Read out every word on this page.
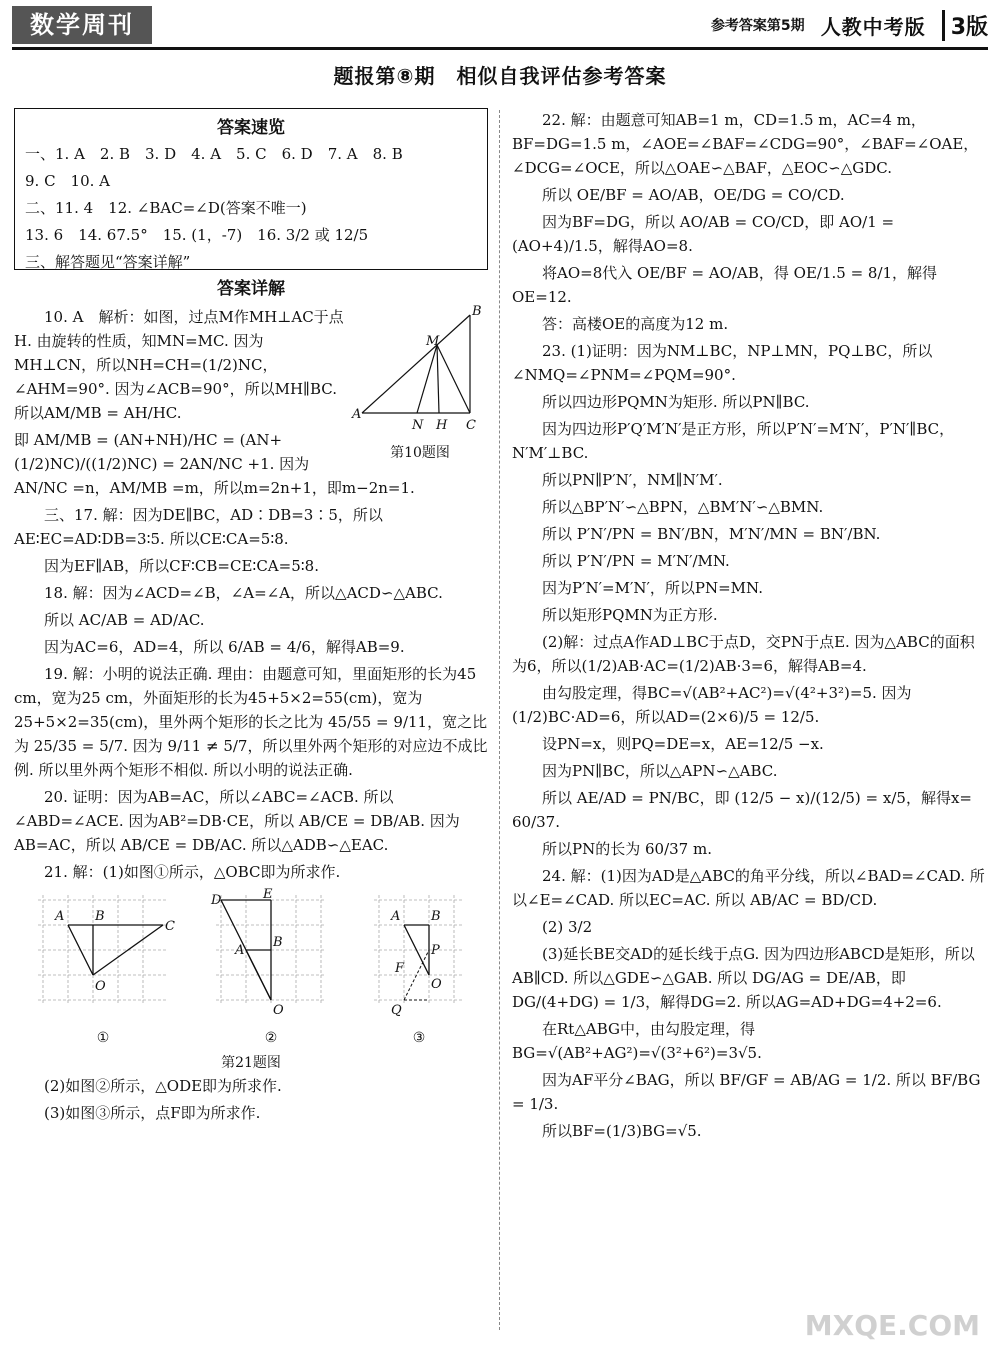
数学周刊	参考答案第5期 人教中考版	3版
题报第⑧期　相似自我评估参考答案
答案速览

一、1. A　2. B　3. D　4. A　5. C　6. D　7. A　8. B

9. C　10. A

二、11. 4　12. ∠BAC=∠D(答案不唯一)

13. 6　14. 67.5°　15. (1，-7)　16. 3/2 或 12/5

三、解答题见“答案详解”

答案详解
A
B
C
M
N H
第10题图

10. A　解析：如图，过点M作MH⊥AC于点H. 由旋转的性质，知MN=MC. 因为MH⊥CN，所以NH=CH=(1/2)NC，∠AHM=90°. 因为∠ACB=90°，所以MH∥BC. 所以AM/MB = AH/HC.

即 AM/MB = (AN+NH)/HC = (AN+(1/2)NC)/((1/2)NC) = 2AN/NC +1. 因为 AN/NC =n，AM/MB =m，所以m=2n+1，即m−2n=1.

三、17. 解：因为DE∥BC，AD∶DB=3∶5，所以AE∶EC=AD∶DB=3∶5. 所以CE∶CA=5∶8.

因为EF∥AB，所以CF∶CB=CE∶CA=5∶8.

18. 解：因为∠ACD=∠B，∠A=∠A，所以△ACD∽△ABC.

所以 AC/AB = AD/AC.

因为AC=6，AD=4，所以 6/AB = 4/6，解得AB=9.

19. 解：小明的说法正确. 理由：由题意可知，里面矩形的长为45 cm，宽为25 cm，外面矩形的长为45+5×2=55(cm)，宽为25+5×2=35(cm)，里外两个矩形的长之比为 45/55 = 9/11，宽之比为 25/35 = 5/7. 因为 9/11 ≠ 5/7，所以里外两个矩形的对应边不成比例. 所以里外两个矩形不相似. 所以小明的说法正确.

20. 证明：因为AB=AC，所以∠ABC=∠ACB. 所以∠ABD=∠ACE. 因为AB²=DB·CE，所以 AB/CE = DB/AB. 因为AB=AC，所以 AB/CE = DB/AC. 所以△ADB∽△EAC.

21. 解：(1)如图①所示，△OBC即为所求作.

A B
C
O
①
D	E
A
B
O
②
A B
P
F
O
Q
③
第21题图

(2)如图②所示，△ODE即为所求作.

(3)如图③所示，点F即为所求作.

22. 解：由题意可知AB=1 m，CD=1.5 m，AC=4 m，BF=DG=1.5 m，∠AOE=∠BAF=∠CDG=90°，∠BAF=∠OAE，∠DCG=∠OCE，所以△OAE∽△BAF，△EOC∽△GDC.

所以 OE/BF = AO/AB，OE/DG = CO/CD.

因为BF=DG，所以 AO/AB = CO/CD，即 AO/1 = (AO+4)/1.5，解得AO=8.

将AO=8代入 OE/BF = AO/AB，得 OE/1.5 = 8/1，解得OE=12.

答：高楼OE的高度为12 m.

23. (1)证明：因为NM⊥BC，NP⊥MN，PQ⊥BC，所以∠NMQ=∠PNM=∠PQM=90°.

所以四边形PQMN为矩形. 所以PN∥BC.

因为四边形P′Q′M′N′是正方形，所以P′N′=M′N′，P′N′∥BC，N′M′⊥BC.

所以PN∥P′N′，NM∥N′M′.

所以△BP′N′∽△BPN，△BM′N′∽△BMN.

所以 P′N′/PN = BN′/BN，M′N′/MN = BN′/BN.

所以 P′N′/PN = M′N′/MN.

因为P′N′=M′N′，所以PN=MN.

所以矩形PQMN为正方形.

(2)解：过点A作AD⊥BC于点D，交PN于点E. 因为△ABC的面积为6，所以(1/2)AB·AC=(1/2)AB·3=6，解得AB=4.

由勾股定理，得BC=√(AB²+AC²)=√(4²+3²)=5. 因为(1/2)BC·AD=6，所以AD=(2×6)/5 = 12/5.

设PN=x，则PQ=DE=x，AE=12/5 −x.

因为PN∥BC，所以△APN∽△ABC.

所以 AE/AD = PN/BC，即 (12/5 − x)/(12/5) = x/5，解得x= 60/37.

所以PN的长为 60/37 m.

24. 解：(1)因为AD是△ABC的角平分线，所以∠BAD=∠CAD. 所以∠E=∠CAD. 所以EC=AC. 所以 AB/AC = BD/CD.

(2) 3/2

(3)延长BE交AD的延长线于点G. 因为四边形ABCD是矩形，所以AB∥CD. 所以△GDE∽△GAB. 所以 DG/AG = DE/AB，即 DG/(4+DG) = 1/3，解得DG=2. 所以AG=AD+DG=4+2=6.

在Rt△ABG中，由勾股定理，得BG=√(AB²+AG²)=√(3²+6²)=3√5.

因为AF平分∠BAG，所以 BF/GF = AB/AG = 1/2. 所以 BF/BG = 1/3.

所以BF=(1/3)BG=√5.

MXQE.COM
